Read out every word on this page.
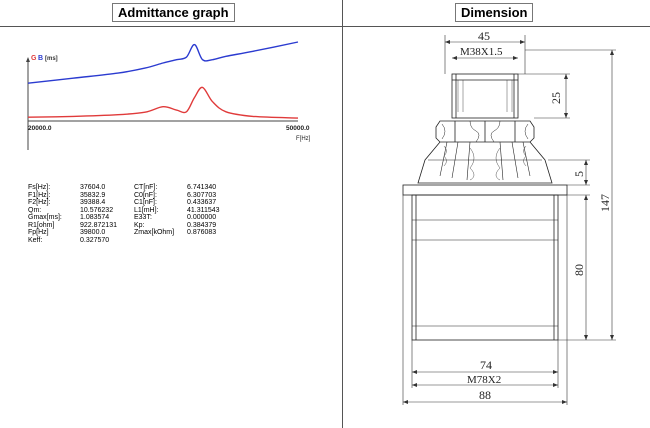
Admittance graph	Dimension
G B [ms]
20000.0	50000.0
F[Hz]
Fs[Hz]:	37604.0	CT[nF]:	6.741340
F1[Hz]:	35832.9	C0[nF]:	6.307703
F2[Hz]:	39388.4	C1[nF]:	0.433637
Qm:	10.576232	L1[mH]:	41.311543
Gmax[ms]:	1.083574	E33T:	0.000000
R1[ohm]	922.872131 Kp:	0.384379
Fp[Hz]	39800.0	Zmax[kOhm] 0.876083
Keff:	0.327570
45
M38X1.5
25
5
147
80
74
M78X2
88
